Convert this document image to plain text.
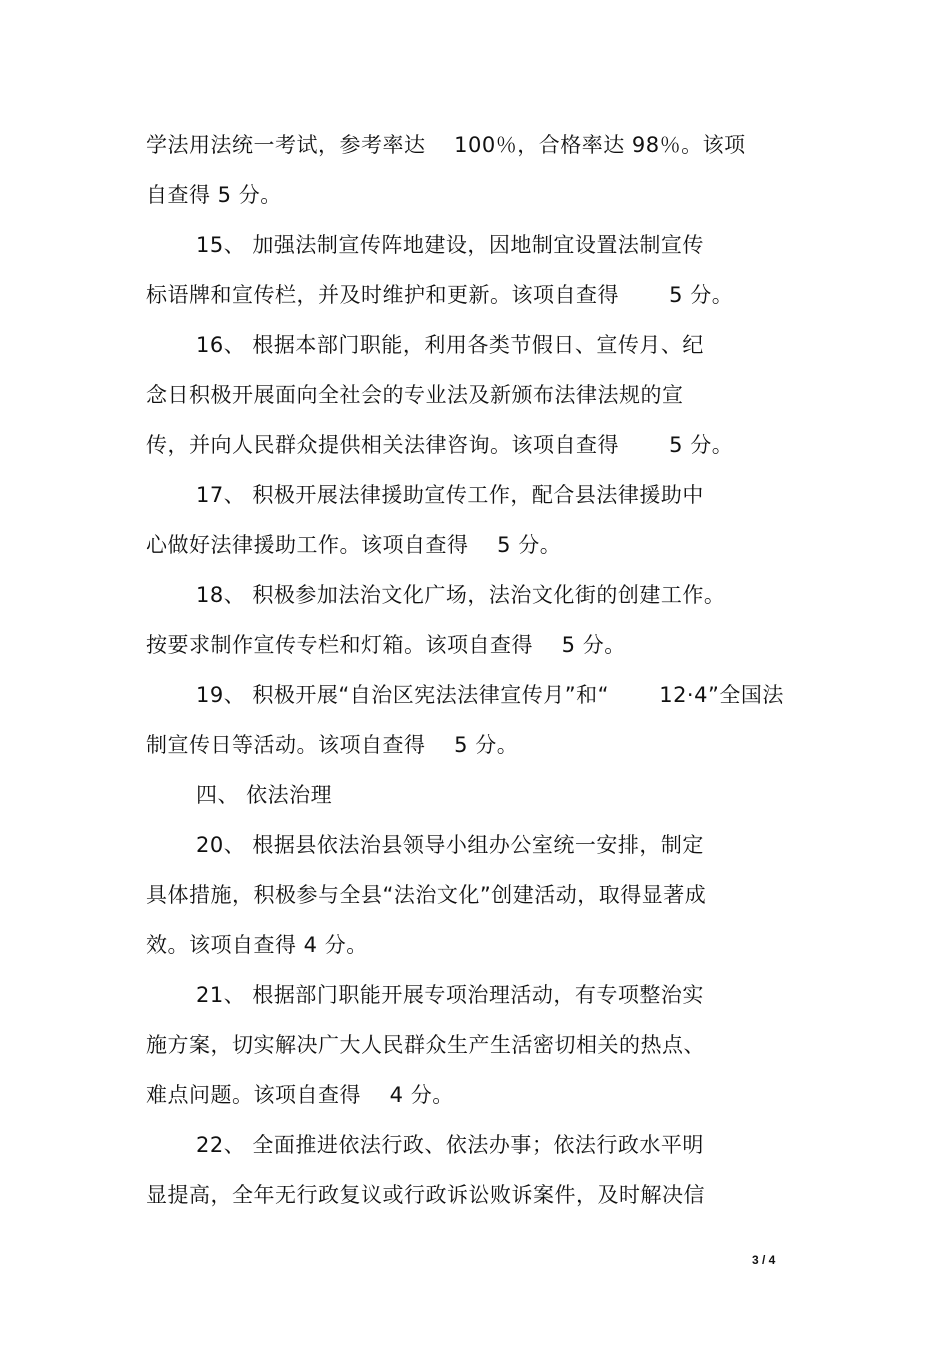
学法用法统一考试，参考率达　 100％，合格率达 98％。该项
自查得 5 分。
15、 加强法制宣传阵地建设，因地制宜设置法制宣传
标语牌和宣传栏，并及时维护和更新。该项自查得　　 5 分。
16、 根据本部门职能，利用各类节假日、宣传月、纪
念日积极开展面向全社会的专业法及新颁布法律法规的宣
传，并向人民群众提供相关法律咨询。该项自查得　　 5 分。
17、 积极开展法律援助宣传工作，配合县法律援助中
心做好法律援助工作。该项自查得　 5 分。
18、 积极参加法治文化广场，法治文化街的创建工作。
按要求制作宣传专栏和灯箱。该项自查得　 5 分。
19、 积极开展“自治区宪法法律宣传月”和“　　 12·4”全国法
制宣传日等活动。该项自查得　 5 分。
四、 依法治理
20、 根据县依法治县领导小组办公室统一安排，制定
具体措施，积极参与全县“法治文化”创建活动，取得显著成
效。该项自查得 4 分。
21、 根据部门职能开展专项治理活动，有专项整治实
施方案，切实解决广大人民群众生产生活密切相关的热点、
难点问题。该项自查得　 4 分。
22、 全面推进依法行政、依法办事；依法行政水平明
显提高，全年无行政复议或行政诉讼败诉案件，及时解决信
3 / 4
